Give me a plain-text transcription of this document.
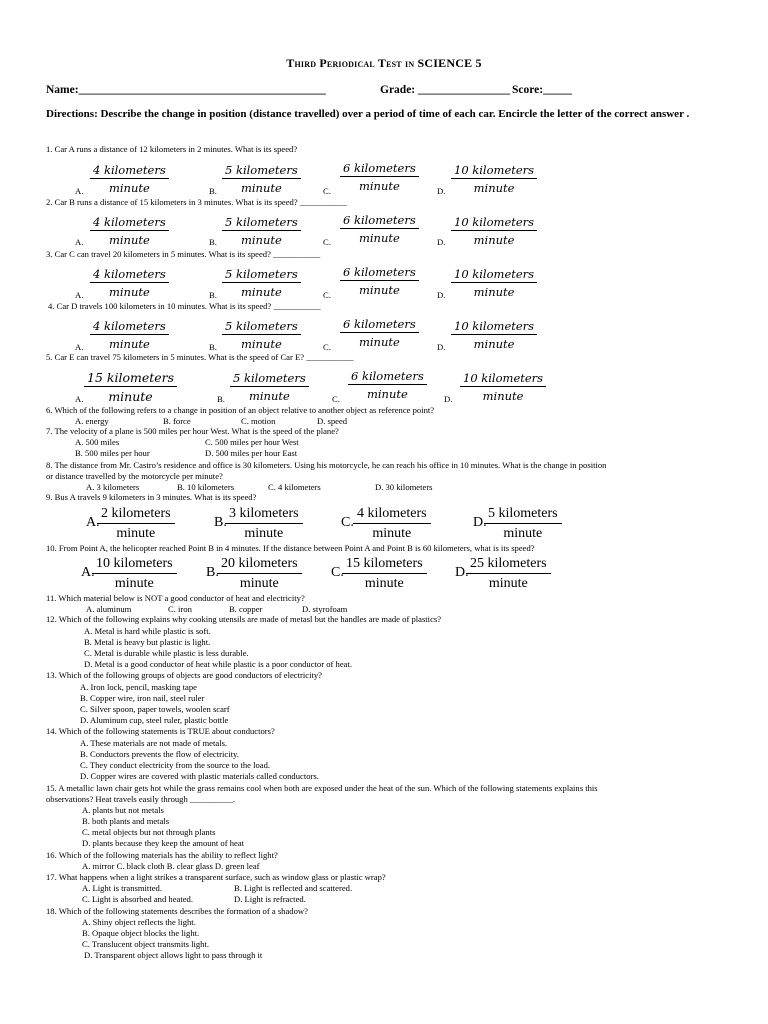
Third Periodical Test in SCIENCE 5
Name:___________________________________________	Grade: ________________ Score:_____
Directions: Describe the change in position (distance travelled) over a period of time of each car. Encircle the letter of the correct answer .
1. Car A runs a distance of 12 kilometers in 2 minutes. What is its speed?
4 kilometers
minute
5 kilometers
minute
6 kilometers
minute
10 kilometers
minute
A.	B.	C.	D.
2. Car B runs a distance of 15 kilometers in 3 minutes. What is its speed? ___________
4 kilometers
minute
5 kilometers
minute
6 kilometers
minute
10 kilometers
minute
A.	B.	C.	D.
3. Car C can travel 20 kilometers in 5 minutes. What is its speed? ___________
4 kilometers
minute
5 kilometers
minute
6 kilometers
minute
10 kilometers
minute
A.	B.	C.	D.
4. Car D travels 100 kilometers in 10 minutes. What is its speed? ___________
4 kilometers
minute
5 kilometers
minute
6 kilometers
minute
10 kilometers
minute
A.	B.	C.	D.
5. Car E can travel 75 kilometers in 5 minutes. What is the speed of Car E? ___________
15 kilometers
minute
5 kilometers
minute
6 kilometers
minute
10 kilometers
minute
A.	B.	C.	D.
6. Which of the following refers to a change in position of an object relative to another object as reference point?
A. energy	B. force	C. motion	D. speed
7. The velocity of a plane is 500 miles per hour West. What is the speed of the plane?
A. 500 miles	C. 500 miles per hour West
B. 500 miles per hour	D. 500 miles per hour East
8. The distance from Mr. Castro’s residence and office is 30 kilometers. Using his motorcycle, he can reach his office in 10 minutes. What is the change in position
or distance travelled by the motorcycle per minute?
A. 3 kilometers	B. 10 kilometers	C. 4 kilometers	D. 30 kilometers
9. Bus A travels 9 kilometers in 3 minutes. What is its speed?
A.
2 kilometers
minute
B.
3 kilometers
minute
C.
4 kilometers
minute
D.
5 kilometers
minute
10. From Point A, the helicopter reached Point B in 4 minutes. If the distance between Point A and Point B is 60 kilometers, what is its speed?
A.
10 kilometers
minute
B.
20 kilometers
minute
C.
15 kilometers
minute
D.
25 kilometers
minute
11. Which material below is NOT a good conductor of heat and electricity?
A. aluminum	C. iron	B. copper	D. styrofoam
12. Which of the following explains why cooking utensils are made of metasl but the handles are made of plastics?
A. Metal is hard while plastic is soft.
B. Metal is heavy but plastic is light.
C. Metal is durable while plastic is less durable.
D. Metal is a good conductor of heat while plastic is a poor conductor of heat.
13. Which of the following groups of objects are good conductors of electricity?
A. Iron lock, pencil, masking tape
B. Copper wire, iron nail, steel ruler
C. Silver spoon, paper towels, woolen scarf
D. Aluminum cup, steel ruler, plastic bottle
14. Which of the following statements is TRUE about conductors?
A. These materials are not made of metals.
B. Conductors prevents the flow of electricity.
C. They conduct electricity from the source to the load.
D. Copper wires are covered with plastic materials called conductors.
15. A metallic lawn chair gets hot while the grass remains cool when both are exposed under the heat of the sun. Which of the following statements explains this
observations? Heat travels easily through __________.
A. plants but not metals
B. both plants and metals
C. metal objects but not through plants
D. plants because they keep the amount of heat
16. Which of the following materials has the ability to reflect light?
A. mirror C. black cloth B. clear glass D. green leaf
17. What happens when a light strikes a transparent surface, such as window glass or plastic wrap?
A. Light is transmitted.	B. Light is reflected and scattered.
C. Light is absorbed and heated.	D. Light is refracted.
18. Which of the following statements describes the formation of a shadow?
A. Shiny object reflects the light.
B. Opaque object blocks the light.
C. Translucent object transmits light.
D. Transparent object allows light to pass through it
